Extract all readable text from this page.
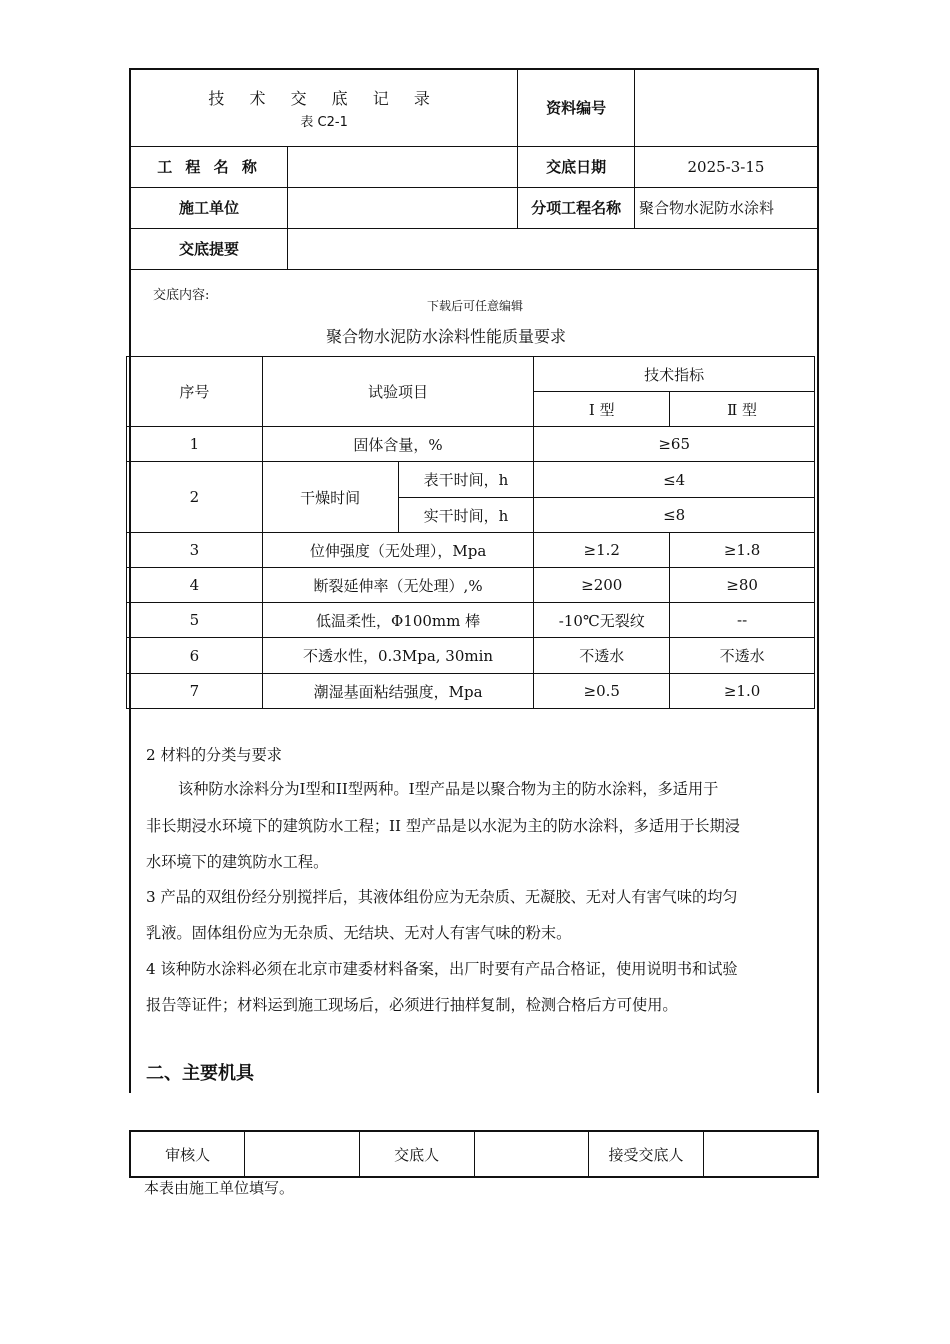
技 术 交 底 记 录
表 C2-1		资料编号	
工 程 名 称		交底日期	2025-3-15
施工单位		分项工程名称	聚合物水泥防水涂料
交底提要			
交底内容:
下载后可任意编辑
聚合物水泥防水涂料性能质量要求
序号	试验项目		技术指标	
			Ⅰ 型	Ⅱ 型
1	固体含量，%		≥65	
2	干燥时间	表干时间，h	≤4	
		实干时间，h	≤8	
3	位伸强度（无处理），Mpa		≥1.2	≥1.8
4	断裂延伸率（无处理）,%		≥200	≥80
5	低温柔性，Φ100mm 棒		-10℃无裂纹	--
6	不透水性，0.3Mpa, 30min		不透水	不透水
7	潮湿基面粘结强度，Mpa		≥0.5	≥1.0
2 材料的分类与要求
该种防水涂料分为Ⅰ型和II型两种。Ⅰ型产品是以聚合物为主的防水涂料，多适用于
非长期浸水环境下的建筑防水工程；II 型产品是以水泥为主的防水涂料，多适用于长期浸
水环境下的建筑防水工程。
3 产品的双组份经分别搅拌后，其液体组份应为无杂质、无凝胶、无对人有害气味的均匀
乳液。固体组份应为无杂质、无结块、无对人有害气味的粉末。
4 该种防水涂料必须在北京市建委材料备案，出厂时要有产品合格证，使用说明书和试验
报告等证件；材料运到施工现场后，必须进行抽样复制，检测合格后方可使用。
二、主要机具
审核人		交底人		接受交底人	
本表由施工单位填写。
